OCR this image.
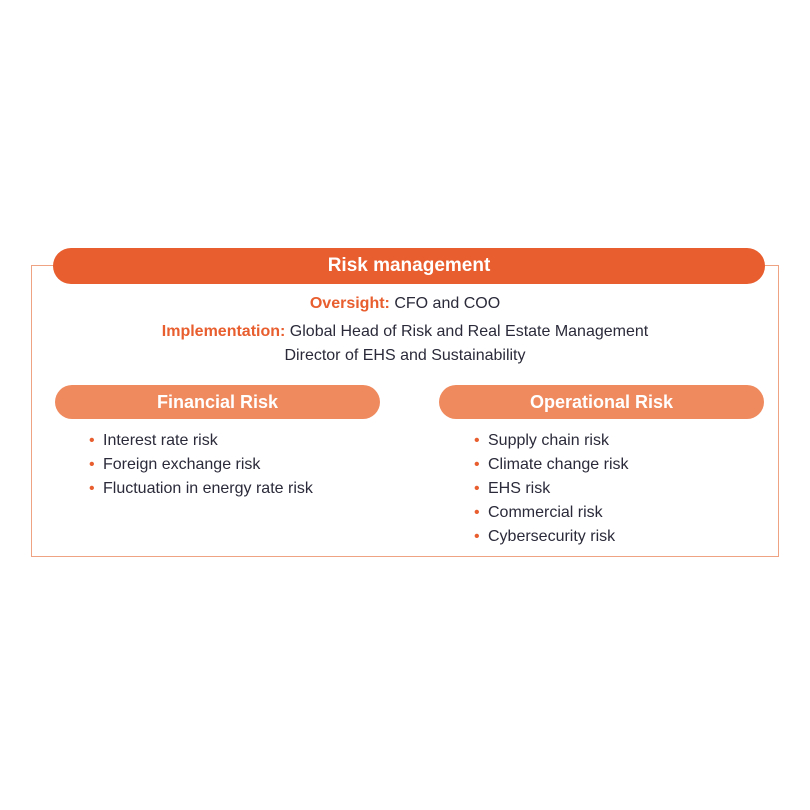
Risk management
Oversight: CFO and COO
Implementation: Global Head of Risk and Real Estate Management
Director of EHS and Sustainability
Financial Risk	Operational Risk
• Interest rate risk
• Foreign exchange risk
• Fluctuation in energy rate risk
• Supply chain risk
• Climate change risk
• EHS risk
• Commercial risk
• Cybersecurity risk
